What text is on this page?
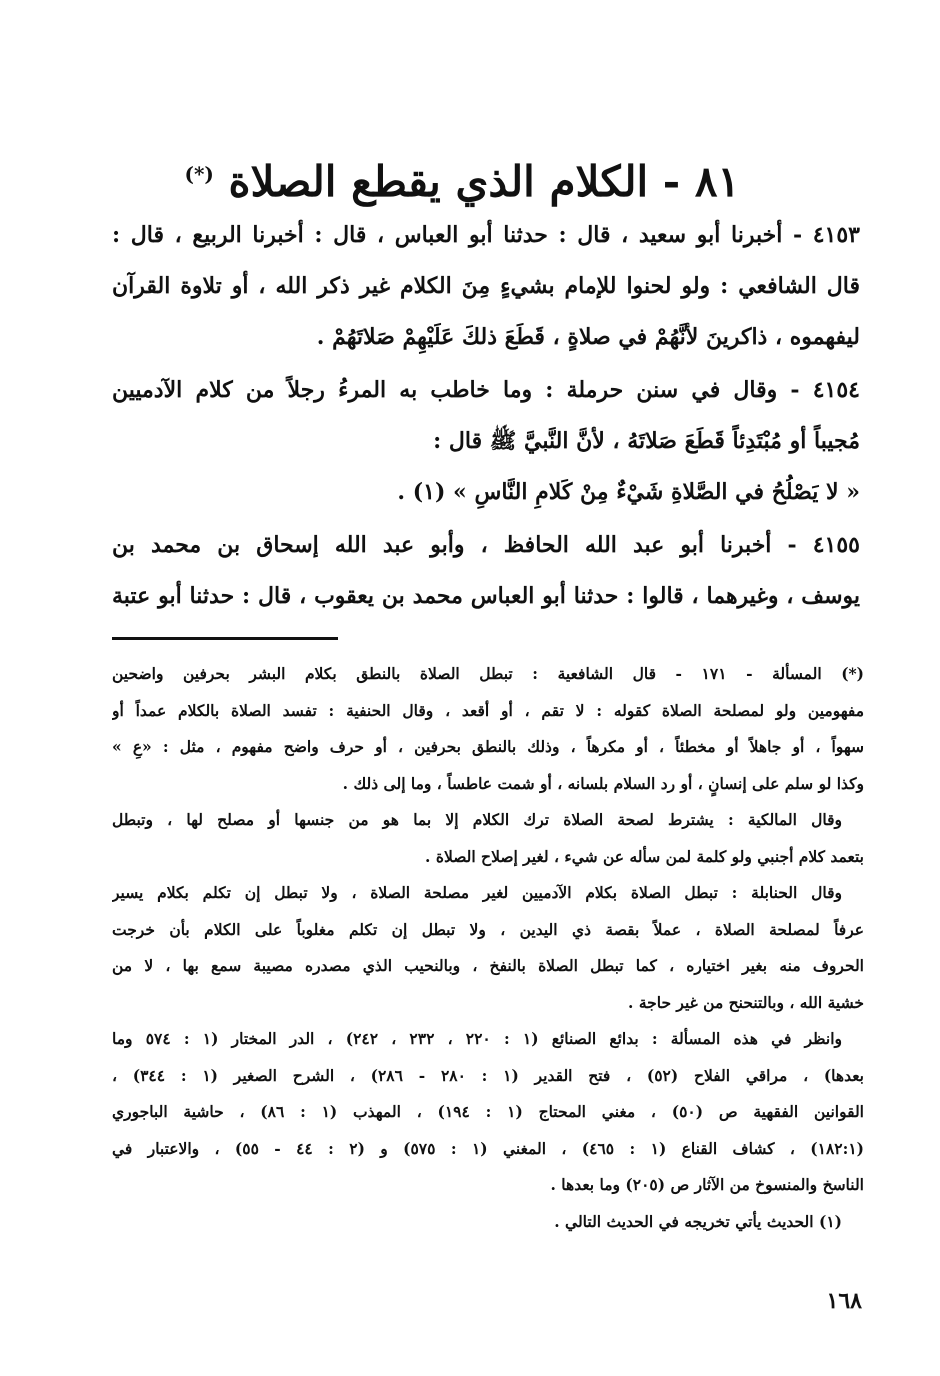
٨١ - الكلام الذي يقطع الصلاة (*)

٤١٥٣ - أخبرنا أبو سعيد ، قال : حدثنا أبو العباس ، قال : أخبرنا الربيع ، قال :
قال الشافعي : ولو لحنوا للإمام بشيءٍ مِنَ الكلام غير ذكر الله ، أو تلاوة القرآن
ليفهموه ، ذاكرينَ لأنَّهُمْ في صلاةٍ ، قَطَعَ ذلكَ عَلَيْهِمْ صَلاتَهُمْ .

٤١٥٤ - وقال في سنن حرملة : وما خاطب به المرءُ رجلاً من كلام الآدميين
مُجيباً أو مُبْتَدِئاً قَطَعَ صَلاتَهُ ، لأنَّ النَّبيَّ ﷺ قال :
« لا يَصْلُحُ في الصَّلاةِ شَيْءٌ مِنْ كَلامِ النَّاسِ » (١) .

٤١٥٥ - أخبرنا أبو عبد الله الحافظ ، وأبو عبد الله إسحاق بن محمد بن
يوسف ، وغيرهما ، قالوا : حدثنا أبو العباس محمد بن يعقوب ، قال : حدثنا أبو عتبة

(*) المسألة - ١٧١ - قال الشافعية : تبطل الصلاة بالنطق بكلام البشر بحرفين واضحين
مفهومين ولو لمصلحة الصلاة كقوله : لا تقم ، أو أقعد ، وقال الحنفية : تفسد الصلاة بالكلام عمداً أو
سهواً ، أو جاهلاً أو مخطئاً ، أو مكرهاً ، وذلك بالنطق بحرفين ، أو حرف واضح مفهوم ، مثل : «عِ »
وكذا لو سلم على إنسانٍ ، أو رد السلام بلسانه ، أو شمت عاطساً ، وما إلى ذلك .
وقال المالكية : يشترط لصحة الصلاة ترك الكلام إلا بما هو من جنسها أو مصلح لها ، وتبطل
بتعمد كلام أجنبي ولو كلمة لمن سأله عن شيء ، لغير إصلاح الصلاة .
وقال الحنابلة : تبطل الصلاة بكلام الآدميين لغير مصلحة الصلاة ، ولا تبطل إن تكلم بكلام يسير
عرفاً لمصلحة الصلاة ، عملاً بقصة ذي اليدين ، ولا تبطل إن تكلم مغلوباً على الكلام بأن خرجت
الحروف منه بغير اختياره ، كما تبطل الصلاة بالنفخ ، وبالنحيب الذي مصدره مصيبة سمع بها ، لا من
خشية الله ، وبالتنحنح من غير حاجة .
وانظر في هذه المسألة : بدائع الصنائع (١ : ٢٢٠ ، ٢٣٢ ، ٢٤٢) ، الدر المختار (١ : ٥٧٤ وما
بعدها) ، مراقي الفلاح (٥٢) ، فتح القدير (١ : ٢٨٠ - ٢٨٦) ، الشرح الصغير (١ : ٣٤٤) ،
القوانين الفقهية ص (٥٠) ، مغني المحتاج (١ : ١٩٤) ، المهذب (١ : ٨٦) ، حاشية الباجوري
(١٨٢:١) ، كشاف القناع (١ : ٤٦٥) ، المغني (١ : ٥٧٥) و (٢ : ٤٤ - ٥٥) ، والاعتبار في
الناسخ والمنسوخ من الآثار ص (٢٠٥) وما بعدها .
(١) الحديث يأتي تخريجه في الحديث التالي .
١٦٨
